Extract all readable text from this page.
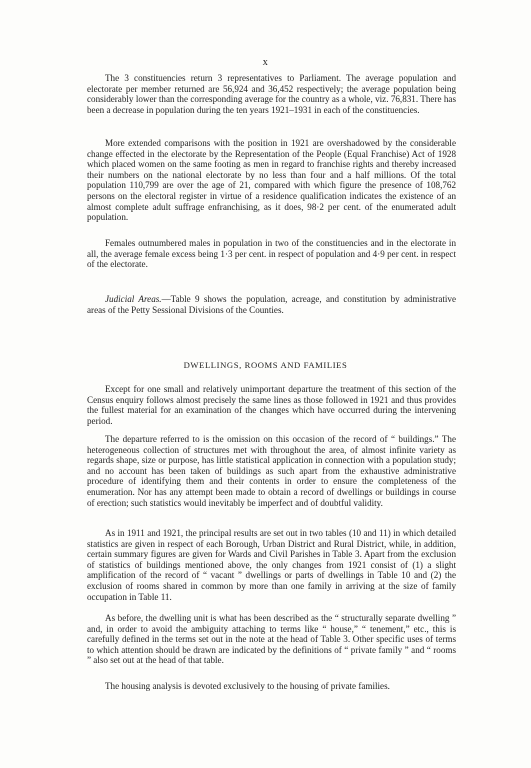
x

The 3 constituencies return 3 representatives to Parliament. The average population and electorate per member returned are 56,924 and 36,452 respectively; the average population being considerably lower than the corresponding average for the country as a whole, viz. 76,831. There has been a decrease in population during the ten years 1921–1931 in each of the constituencies.

More extended comparisons with the position in 1921 are overshadowed by the considerable change effected in the electorate by the Representation of the People (Equal Franchise) Act of 1928 which placed women on the same footing as men in regard to franchise rights and thereby increased their numbers on the national electorate by no less than four and a half millions. Of the total population 110,799 are over the age of 21, compared with which figure the presence of 108,762 persons on the electoral register in virtue of a residence qualification indicates the existence of an almost complete adult suffrage enfranchising, as it does, 98·2 per cent. of the enumerated adult population.

Females outnumbered males in population in two of the constituencies and in the electorate in all, the average female excess being 1·3 per cent. in respect of population and 4·9 per cent. in respect of the electorate.

Judicial Areas.—Table 9 shows the population, acreage, and constitution by administrative areas of the Petty Sessional Divisions of the Counties.

DWELLINGS, ROOMS AND FAMILIES

Except for one small and relatively unimportant departure the treatment of this section of the Census enquiry follows almost precisely the same lines as those followed in 1921 and thus provides the fullest material for an examination of the changes which have occurred during the intervening period.

The departure referred to is the omission on this occasion of the record of “ buildings.” The heterogeneous collection of structures met with throughout the area, of almost infinite variety as regards shape, size or purpose, has little statistical application in connection with a population study; and no account has been taken of buildings as such apart from the exhaustive administrative procedure of identifying them and their contents in order to ensure the completeness of the enumeration. Nor has any attempt been made to obtain a record of dwellings or buildings in course of erection; such statistics would inevitably be imperfect and of doubtful validity.

As in 1911 and 1921, the principal results are set out in two tables (10 and 11) in which detailed statistics are given in respect of each Borough, Urban District and Rural District, while, in addition, certain summary figures are given for Wards and Civil Parishes in Table 3. Apart from the exclusion of statistics of buildings mentioned above, the only changes from 1921 consist of (1) a slight amplification of the record of “ vacant ” dwellings or parts of dwellings in Table 10 and (2) the exclusion of rooms shared in common by more than one family in arriving at the size of family occupation in Table 11.

As before, the dwelling unit is what has been described as the “ structurally separate dwelling ” and, in order to avoid the ambiguity attaching to terms like “ house,” “ tenement,” etc., this is carefully defined in the terms set out in the note at the head of Table 3. Other specific uses of terms to which attention should be drawn are indicated by the definitions of “ private family ” and “ rooms ” also set out at the head of that table.

The housing analysis is devoted exclusively to the housing of private families.
